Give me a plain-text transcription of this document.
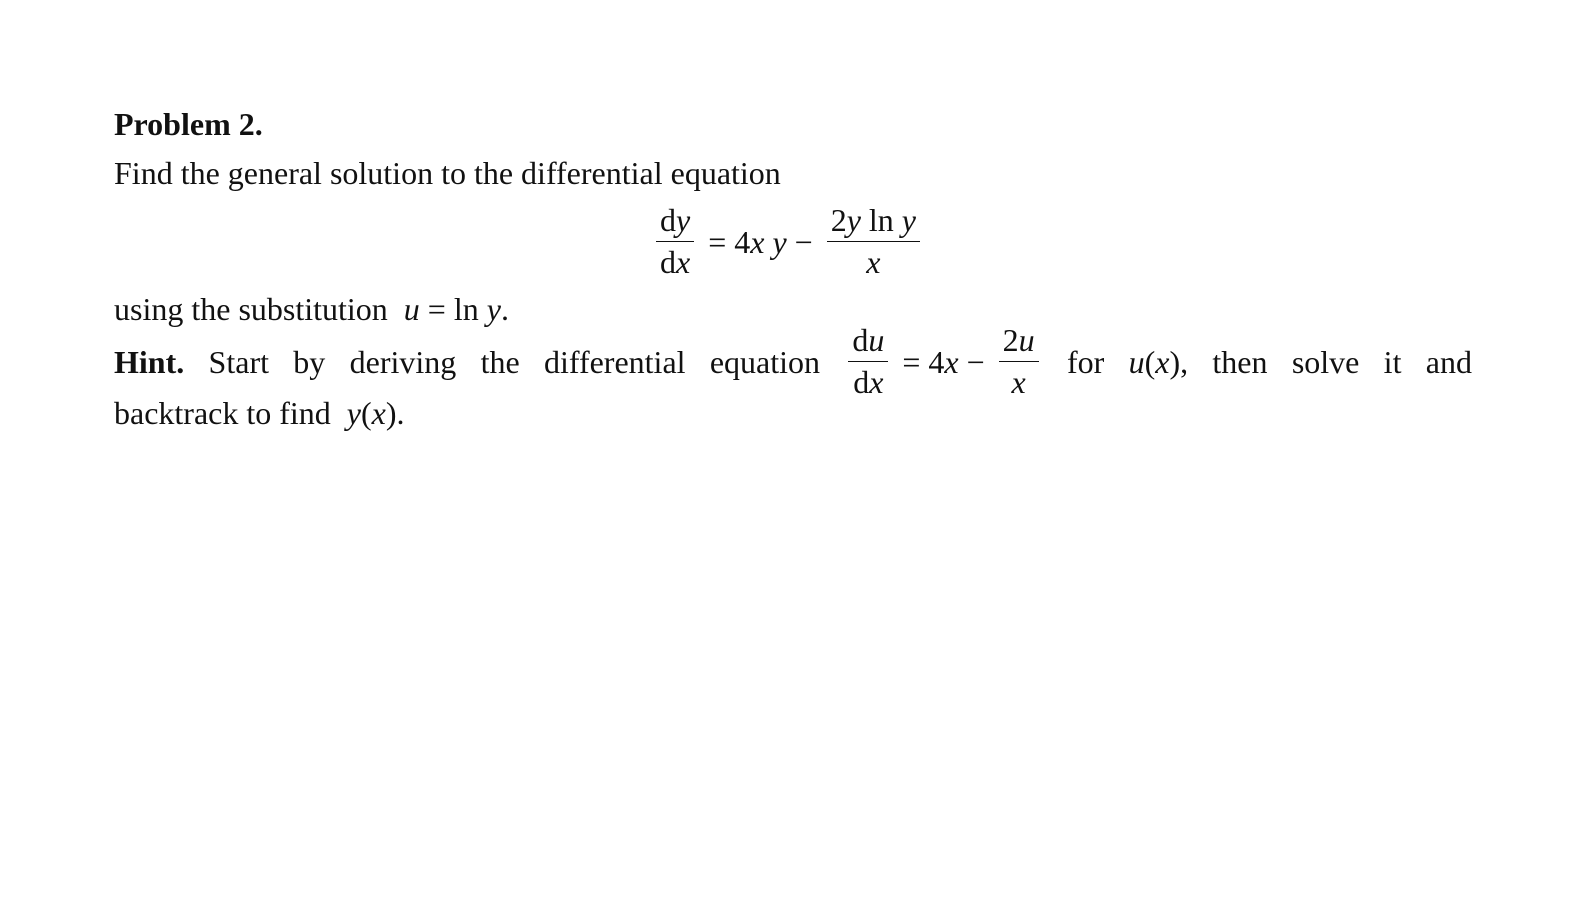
Problem 2.
Find the general solution to the differential equation
$\frac{dy}{dx} = 4x$ $y - \frac{\text{2y ln y}}{x}$
using the substitution u = ln y.
Hint. Start by deriving the differential equation $\frac{du}{dx} = 4x - \frac{2u}{x}$ for u(x), then solve it and
backtrack to find y(x).
